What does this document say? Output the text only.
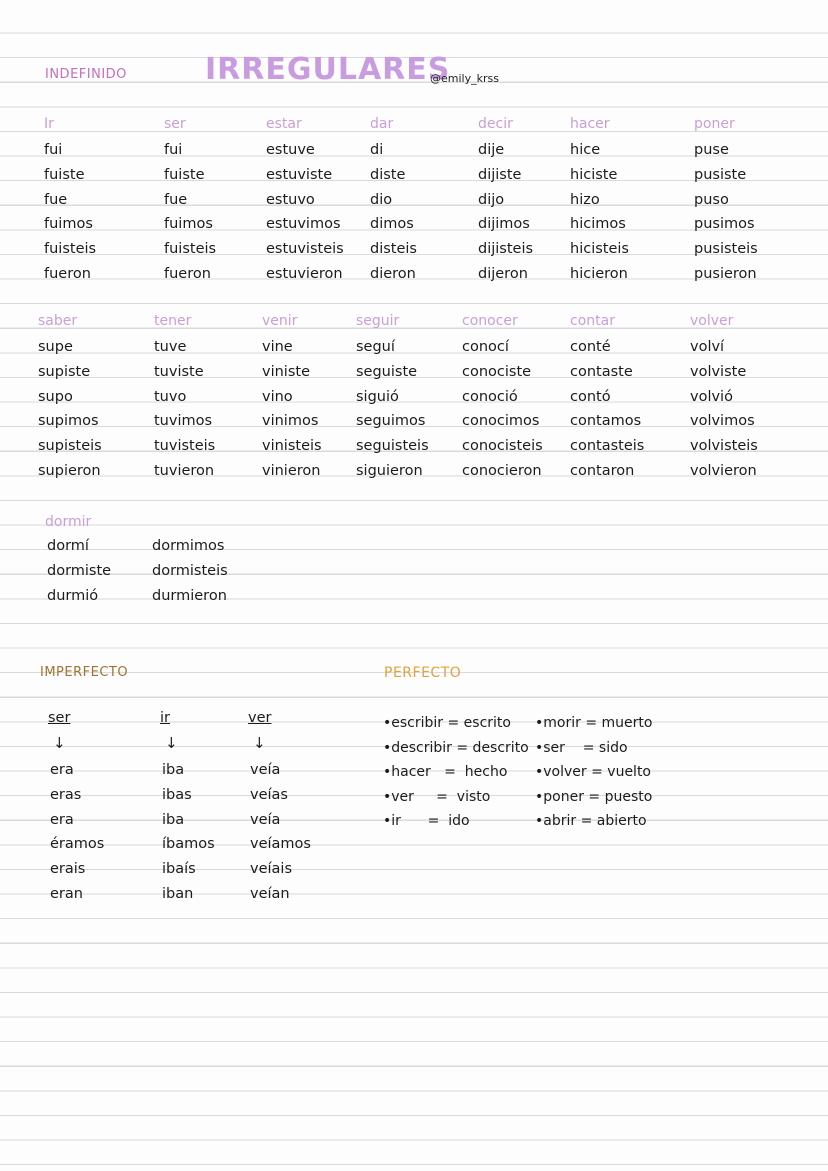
INDEFINIDO	IRREGULARES
@emily_krss
Ir
fui
fuiste
fue
fuimos
fuisteis
fueron
ser
fui
fuiste
fue
fuimos
fuisteis
fueron
estar
estuve
estuviste
estuvo
estuvimos
estuvisteis
estuvieron
dar
di
diste
dio
dimos
disteis
dieron
decir
dije
dijiste
dijo
dijimos
dijisteis
dijeron
hacer
hice
hiciste
hizo
hicimos
hicisteis
hicieron
poner
puse
pusiste
puso
pusimos
pusisteis
pusieron
saber
supe
supiste
supo
supimos
supisteis
supieron
tener
tuve
tuviste
tuvo
tuvimos
tuvisteis
tuvieron
venir
vine
viniste
vino
vinimos
vinisteis
vinieron
seguir
seguí
seguiste
siguió
seguimos
seguisteis
siguieron
conocer
conocí
conociste
conoció
conocimos
conocisteis
conocieron
contar
conté
contaste
contó
contamos
contasteis
contaron
volver
volví
volviste
volvió
volvimos
volvisteis
volvieron
dormir
dormí
dormiste
durmió
dormimos
dormisteis
durmieron
IMPERFECTO
ser
↓
era
eras
era
éramos
erais
eran
ir
↓
iba
ibas
iba
íbamos
ibaís
iban
ver
↓
veía
veías
veía
veíamos
veíais
veían
PERFECTO
•escribir = escrito
•describir = descrito
•hacer   =  hecho
•ver     =  visto
•ir      =  ido
•morir = muerto
•ser    = sido
•volver = vuelto
•poner = puesto
•abrir = abierto
